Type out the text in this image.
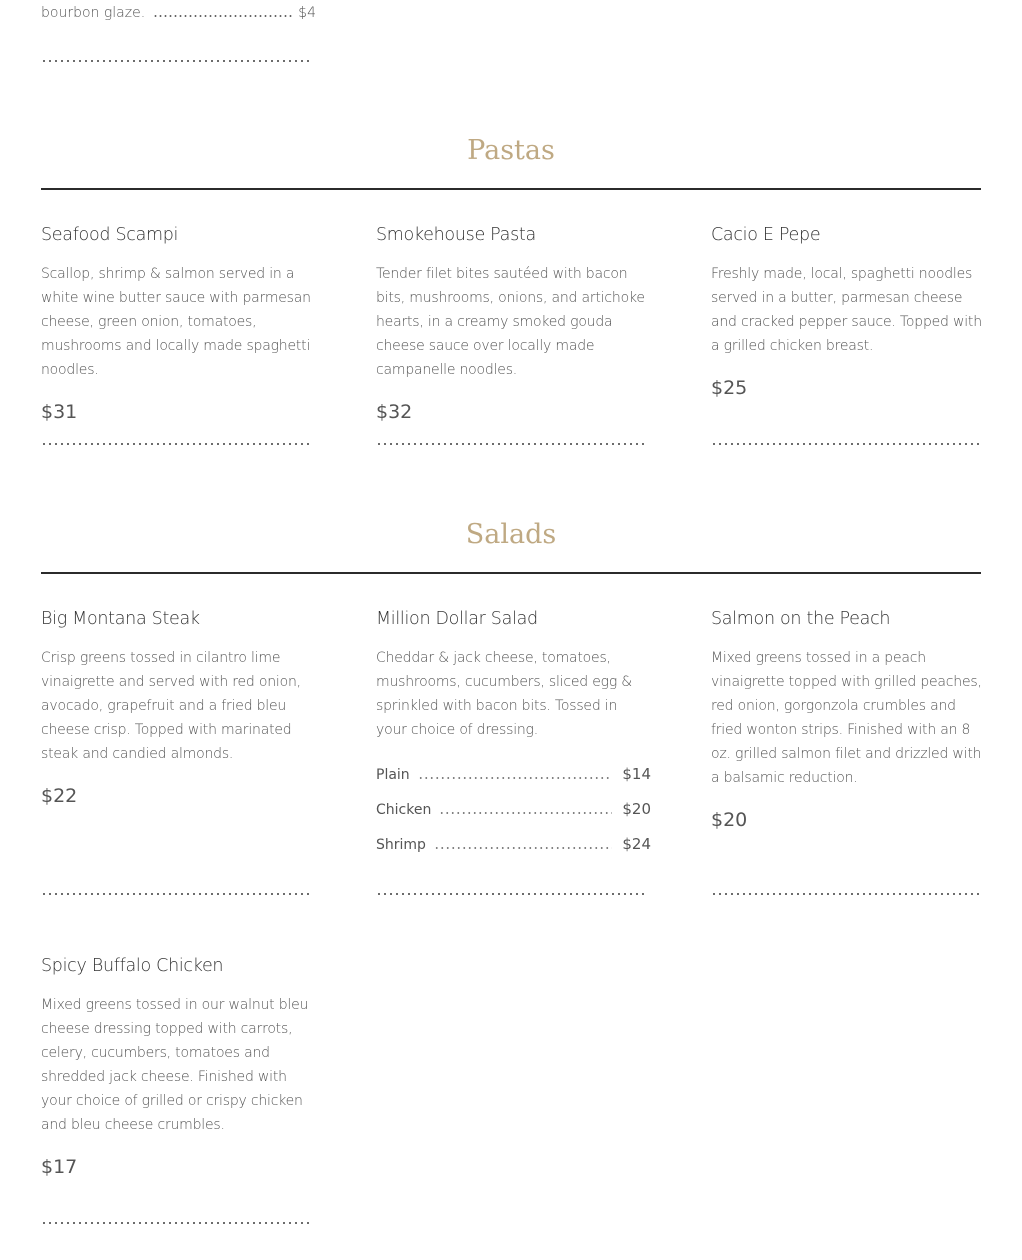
bourbon glaze.	$4
Pastas

Seafood Scampi

Scallop, shrimp & salmon served in a white wine butter sauce with parmesan cheese, green onion, tomatoes, mushrooms and locally made spaghetti noodles.

$31

Smokehouse Pasta

Tender filet bites sautéed with bacon bits, mushrooms, onions, and artichoke hearts, in a creamy smoked gouda cheese sauce over locally made campanelle noodles.

$32

Cacio E Pepe

Freshly made, local, spaghetti noodles served in a butter, parmesan cheese and cracked pepper sauce. Topped with a grilled chicken breast.

$25
Salads

Big Montana Steak

Crisp greens tossed in cilantro lime vinaigrette and served with red onion, avocado, grapefruit and a fried bleu cheese crisp. Topped with marinated steak and candied almonds.

$22

Million Dollar Salad

Cheddar & jack cheese, tomatoes, mushrooms, cucumbers, sliced egg & sprinkled with bacon bits. Tossed in your choice of dressing.

Plain	$14
Chicken	$20
Shrimp	$24

Salmon on the Peach

Mixed greens tossed in a peach vinaigrette topped with grilled peaches, red onion, gorgonzola crumbles and fried wonton strips. Finished with an 8 oz. grilled salmon filet and drizzled with a balsamic reduction.

$20

Spicy Buffalo Chicken

Mixed greens tossed in our walnut bleu cheese dressing topped with carrots, celery, cucumbers, tomatoes and shredded jack cheese. Finished with your choice of grilled or crispy chicken and bleu cheese crumbles.

$17
